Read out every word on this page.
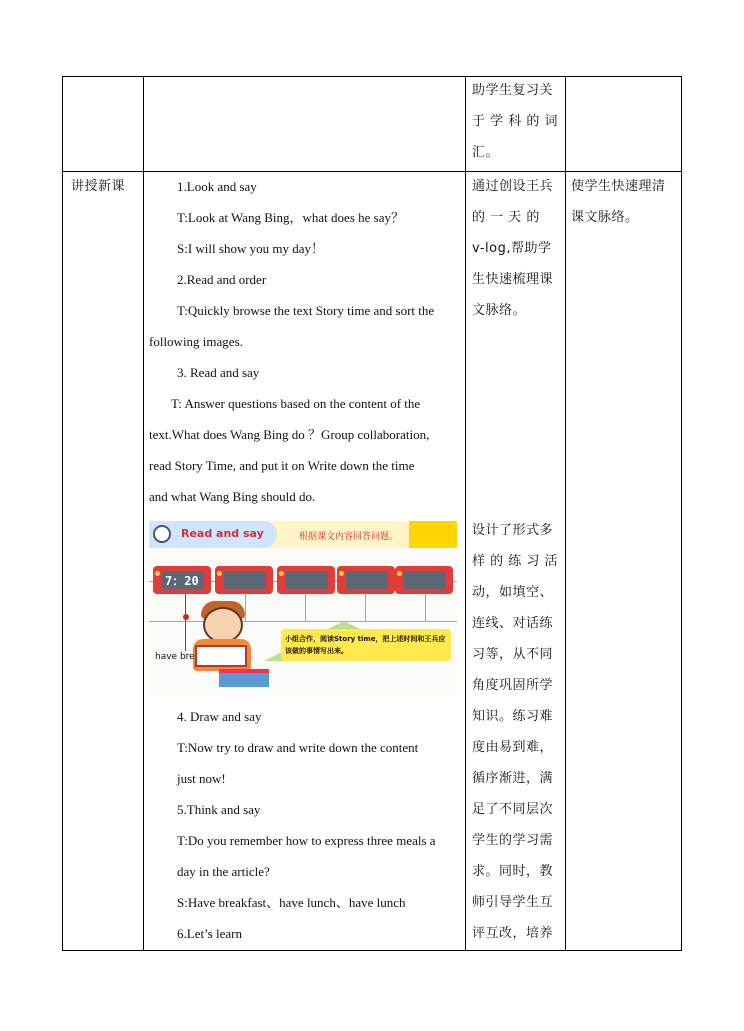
助学生复习关
于 学 科 的 词
汇。
讲授新课	1.Look and say
T:Look at Wang Bing，what does he say？
S:I will show you my day！
2.Read and order
T:Quickly browse the text Story time and sort the
following images.
3. Read and say
T: Answer questions based on the content of the
text.What does Wang Bing do ？Group collaboration,
read Story Time, and put it on Write down the time
and what Wang Bing should do.
Read and say	根据课文内容回答问题。
7：20
小组合作，阅读Story time，把上述时间和王兵应该做的事情写出来。
have bre
4. Draw and say
T:Now try to draw and write down the content
just now!
5.Think and say
T:Do you remember how to express three meals a
day in the article?
S:Have breakfast、have lunch、have lunch
6.Let’s learn
通过创设王兵
的 一 天 的
v-log,帮助学
生快速梳理课
文脉络。
设计了形式多
样 的 练 习 活
动，如填空、
连线、对话练
习等，从不同
角度巩固所学
知识。练习难
度由易到难，
循序渐进，满
足了不同层次
学生的学习需
求。同时，教
师引导学生互
评互改，培养
使学生快速理清
课文脉络。
